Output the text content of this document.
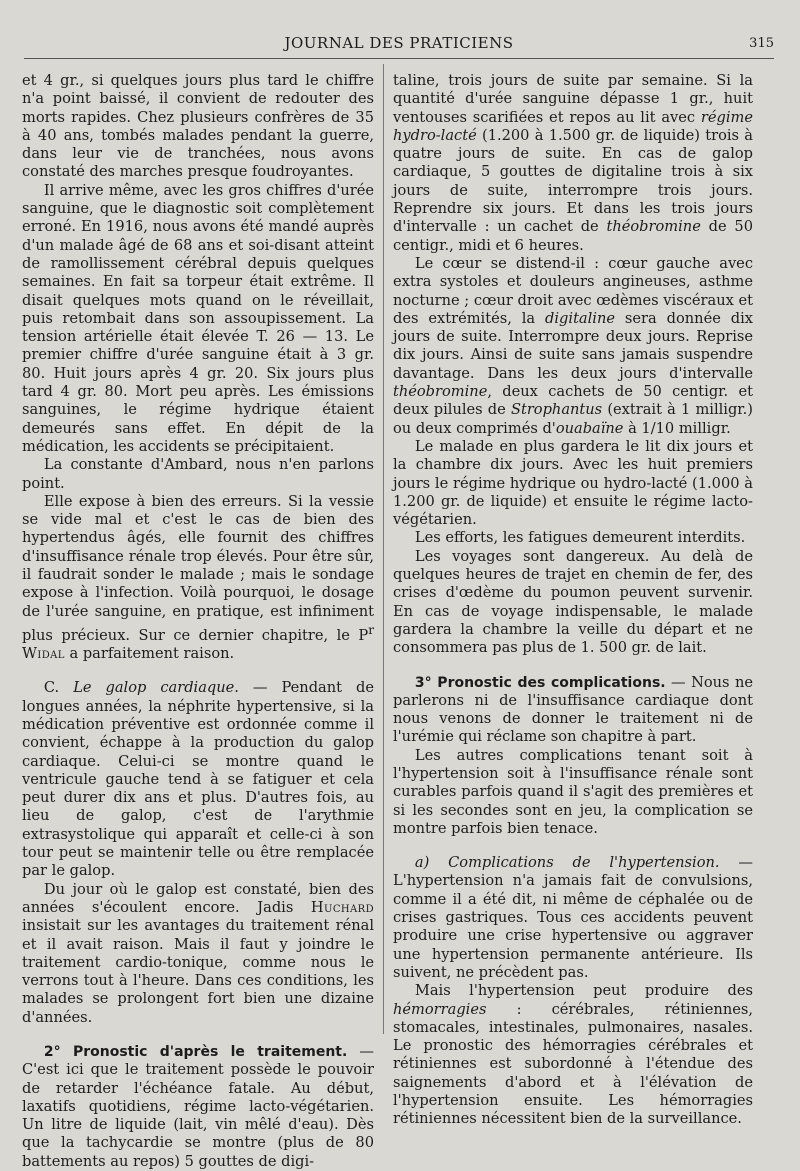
JOURNAL DES PRATICIENS	315

et 4 gr., si quelques jours plus tard le chiffre n'a point baissé, il convient de redouter des morts rapides. Chez plusieurs confrères de 35 à 40 ans, tombés malades pendant la guerre, dans leur vie de tranchées, nous avons constaté des marches presque foudroyantes.

Il arrive même, avec les gros chiffres d'urée sanguine, que le diagnostic soit complètement erroné. En 1916, nous avons été mandé auprès d'un malade âgé de 68 ans et soi-disant atteint de ramollissement cérébral depuis quelques semaines. En fait sa torpeur était extrême. Il disait quelques mots quand on le réveillait, puis retombait dans son assoupissement. La tension artérielle était élevée T. 26 — 13. Le premier chiffre d'urée sanguine était à 3 gr. 80. Huit jours après 4 gr. 20. Six jours plus tard 4 gr. 80. Mort peu après. Les émissions sanguines, le régime hydrique étaient demeurés sans effet. En dépit de la médication, les accidents se précipitaient.

La constante d'Ambard, nous n'en parlons point.

Elle expose à bien des erreurs. Si la vessie se vide mal et c'est le cas de bien des hypertendus âgés, elle fournit des chiffres d'insuffisance rénale trop élevés. Pour être sûr, il faudrait sonder le malade ; mais le sondage expose à l'infection. Voilà pourquoi, le dosage de l'urée sanguine, en pratique, est infiniment plus précieux. Sur ce dernier chapitre, le $P^r$ Widal a parfaitement raison.

C. Le galop cardiaque. — Pendant de longues années, la néphrite hypertensive, si la médication préventive est ordonnée comme il convient, échappe à la production du galop cardiaque. Celui-ci se montre quand le ventricule gauche tend à se fatiguer et cela peut durer dix ans et plus. D'autres fois, au lieu de galop, c'est de l'arythmie extrasystolique qui apparaît et celle-ci à son tour peut se maintenir telle ou être remplacée par le galop.

Du jour où le galop est constaté, bien des années s'écoulent encore. Jadis Huchard insistait sur les avantages du traitement rénal et il avait raison. Mais il faut y joindre le traitement cardio-tonique, comme nous le verrons tout à l'heure. Dans ces conditions, les malades se prolongent fort bien une dizaine d'années.

2° Pronostic d'après le traitement. — C'est ici que le traitement possède le pouvoir de retarder l'échéance fatale. Au début, laxatifs quotidiens, régime lacto-végétarien. Un litre de liquide (lait, vin mêlé d'eau). Dès que la tachycardie se montre (plus de 80 battements au repos) 5 gouttes de digi-

taline, trois jours de suite par semaine. Si la quantité d'urée sanguine dépasse 1 gr., huit ventouses scarifiées et repos au lit avec régime hydro-lacté (1.200 à 1.500 gr. de liquide) trois à quatre jours de suite. En cas de galop cardiaque, 5 gouttes de digitaline trois à six jours de suite, interrompre trois jours. Reprendre six jours. Et dans les trois jours d'intervalle : un cachet de théobromine de 50 centigr., midi et 6 heures.

Le cœur se distend-il : cœur gauche avec extra systoles et douleurs angineuses, asthme nocturne ; cœur droit avec œdèmes viscéraux et des extrémités, la digitaline sera donnée dix jours de suite. Interrompre deux jours. Reprise dix jours. Ainsi de suite sans jamais suspendre davantage. Dans les deux jours d'intervalle théobromine, deux cachets de 50 centigr. et deux pilules de Strophantus (extrait à 1 milligr.) ou deux comprimés d'ouabaïne à 1/10 milligr.

Le malade en plus gardera le lit dix jours et la chambre dix jours. Avec les huit premiers jours le régime hydrique ou hydro-lacté (1.000 à 1.200 gr. de liquide) et ensuite le régime lacto-végétarien.

Les efforts, les fatigues demeurent interdits.

Les voyages sont dangereux. Au delà de quelques heures de trajet en chemin de fer, des crises d'œdème du poumon peuvent survenir. En cas de voyage indispensable, le malade gardera la chambre la veille du départ et ne consommera pas plus de 1. 500 gr. de lait.

3° Pronostic des complications. — Nous ne parlerons ni de l'insuffisance cardiaque dont nous venons de donner le traitement ni de l'urémie qui réclame son chapitre à part.

Les autres complications tenant soit à l'hypertension soit à l'insuffisance rénale sont curables parfois quand il s'agit des premières et si les secondes sont en jeu, la complication se montre parfois bien tenace.

a) Complications de l'hypertension. — L'hypertension n'a jamais fait de convulsions, comme il a été dit, ni même de céphalée ou de crises gastriques. Tous ces accidents peuvent produire une crise hypertensive ou aggraver une hypertension permanente antérieure. Ils suivent, ne précèdent pas.

Mais l'hypertension peut produire des hémorragies : cérébrales, rétiniennes, stomacales, intestinales, pulmonaires, nasales. Le pronostic des hémorragies cérébrales et rétiniennes est subordonné à l'étendue des saignements d'abord et à l'élévation de l'hypertension ensuite. Les hémorragies rétiniennes nécessitent bien de la surveillance.
